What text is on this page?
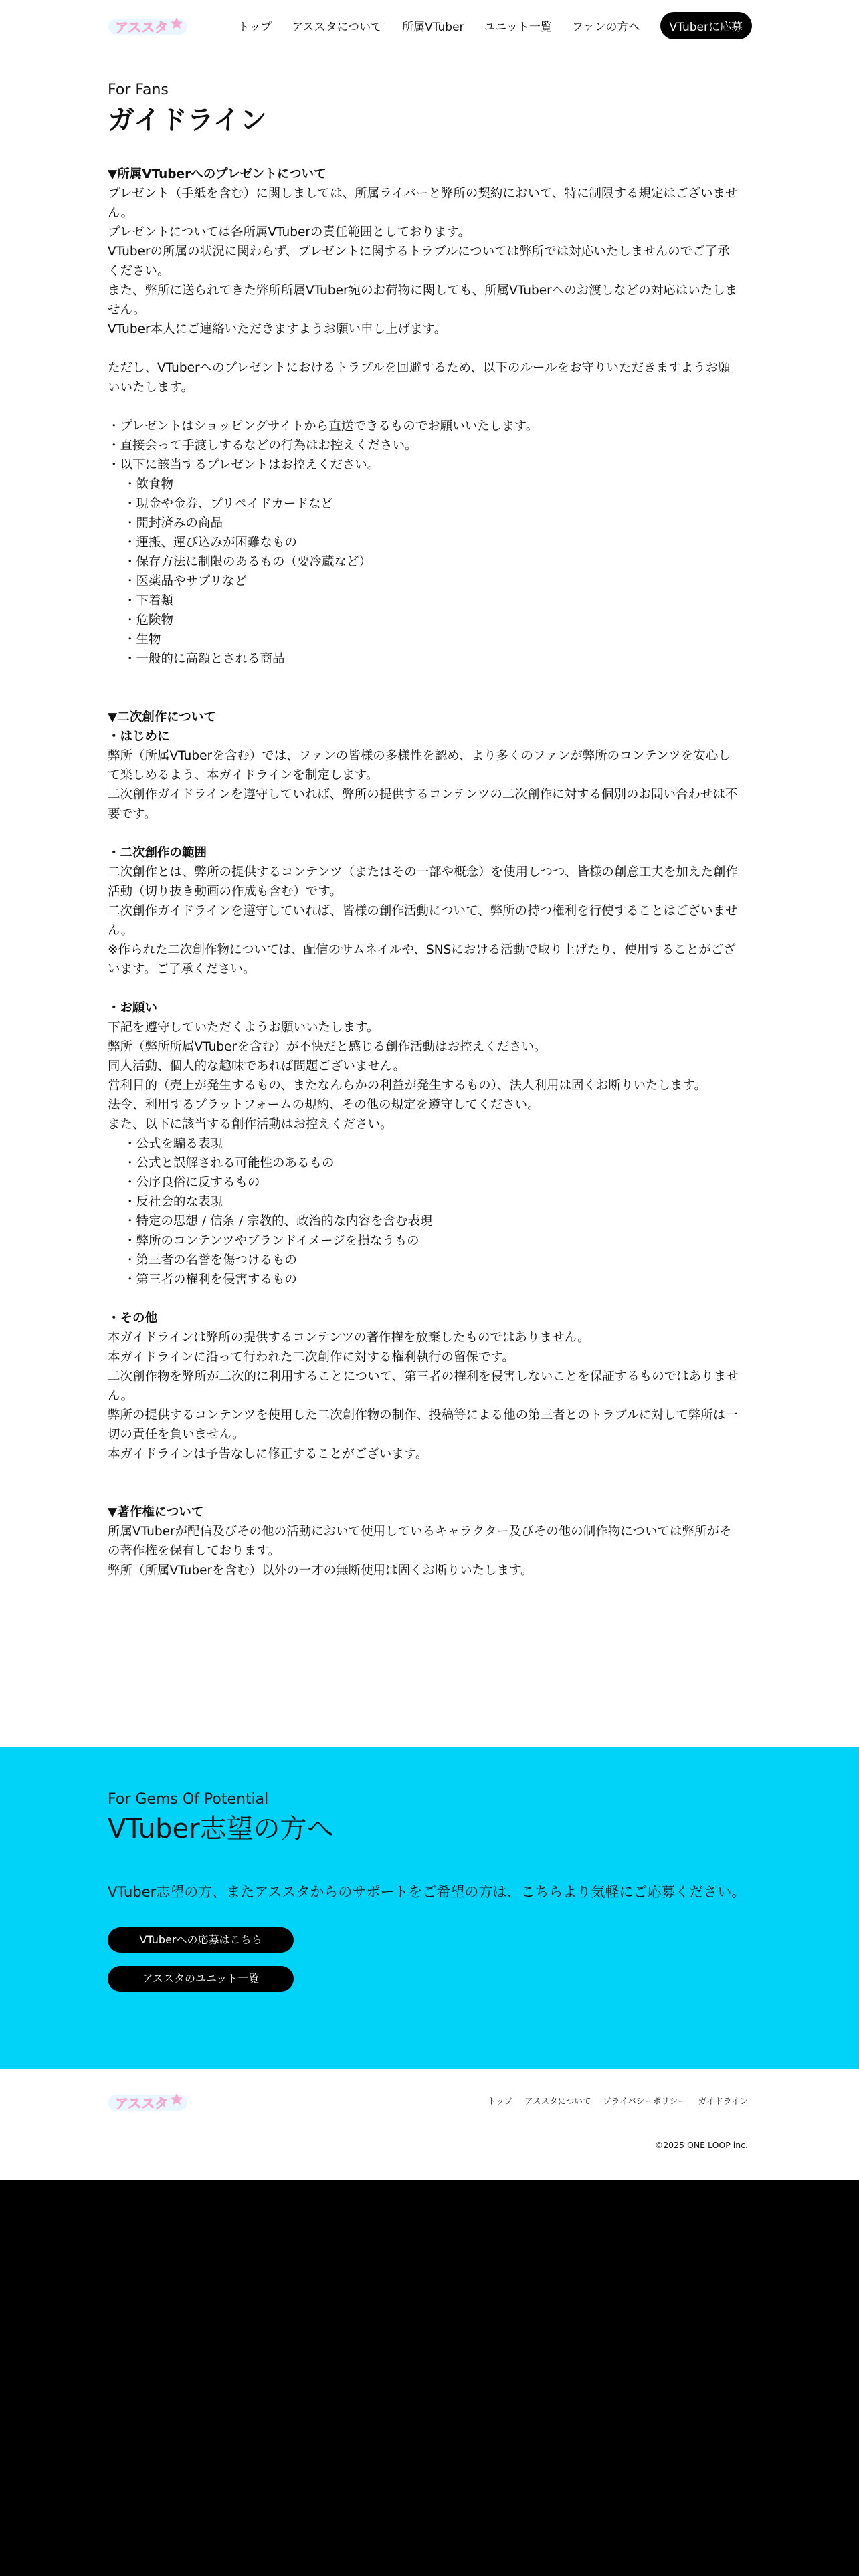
アススタ	トップ アススタについて 所属VTuber ユニット一覧 ファンの方へ	VTuberに応募
For Fans
ガイドライン

▼所属VTuberへのプレゼントについて

プレゼント（手紙を含む）に関しましては、所属ライバーと弊所の契約において、特に制限する規定はございません。

プレゼントについては各所属VTuberの責任範囲としております。

VTuberの所属の状況に関わらず、プレゼントに関するトラブルについては弊所では対応いたしませんのでご了承ください。

また、弊所に送られてきた弊所所属VTuber宛のお荷物に関しても、所属VTuberへのお渡しなどの対応はいたしません。

VTuber本人にご連絡いただきますようお願い申し上げます。

ただし、VTuberへのプレゼントにおけるトラブルを回避するため、以下のルールをお守りいただきますようお願いいたします。

・プレゼントはショッピングサイトから直送できるものでお願いいたします。

・直接会って手渡しするなどの行為はお控えください。

・以下に該当するプレゼントはお控えください。

・飲食物

・現金や金券、プリペイドカードなど

・開封済みの商品

・運搬、運び込みが困難なもの

・保存方法に制限のあるもの（要冷蔵など）

・医薬品やサプリなど

・下着類

・危険物

・生物

・一般的に高額とされる商品

▼二次創作について

・はじめに

弊所（所属VTuberを含む）では、ファンの皆様の多様性を認め、より多くのファンが弊所のコンテンツを安心して楽しめるよう、本ガイドラインを制定します。

二次創作ガイドラインを遵守していれば、弊所の提供するコンテンツの二次創作に対する個別のお問い合わせは不要です。

・二次創作の範囲

二次創作とは、弊所の提供するコンテンツ（またはその一部や概念）を使用しつつ、皆様の創意工夫を加えた創作活動（切り抜き動画の作成も含む）です。

二次創作ガイドラインを遵守していれば、皆様の創作活動について、弊所の持つ権利を行使することはございません。

※作られた二次創作物については、配信のサムネイルや、SNSにおける活動で取り上げたり、使用することがございます。ご了承ください。

・お願い

下記を遵守していただくようお願いいたします。

弊所（弊所所属VTuberを含む）が不快だと感じる創作活動はお控えください。

同人活動、個人的な趣味であれば問題ございません。

営利目的（売上が発生するもの、またなんらかの利益が発生するもの）、法人利用は固くお断りいたします。

法令、利用するプラットフォームの規約、その他の規定を遵守してください。

また、以下に該当する創作活動はお控えください。

・公式を騙る表現

・公式と誤解される可能性のあるもの

・公序良俗に反するもの

・反社会的な表現

・特定の思想 / 信条 / 宗教的、政治的な内容を含む表現

・弊所のコンテンツやブランドイメージを損なうもの

・第三者の名誉を傷つけるもの

・第三者の権利を侵害するもの

・その他

本ガイドラインは弊所の提供するコンテンツの著作権を放棄したものではありません。

本ガイドラインに沿って行われた二次創作に対する権利執行の留保です。

二次創作物を弊所が二次的に利用することについて、第三者の権利を侵害しないことを保証するものではありません。

弊所の提供するコンテンツを使用した二次創作物の制作、投稿等による他の第三者とのトラブルに対して弊所は一切の責任を負いません。

本ガイドラインは予告なしに修正することがございます。

▼著作権について

所属VTuberが配信及びその他の活動において使用しているキャラクター及びその他の制作物については弊所がその著作権を保有しております。

弊所（所属VTuberを含む）以外の一才の無断使用は固くお断りいたします。

For Gems Of Potential
VTuber志望の方へ
VTuber志望の方、またアススタからのサポートをご希望の方は、こちらより気軽にご応募ください。
VTuberへの応募はこちら
アススタのユニット一覧
アススタ	トップ アススタについて プライバシーポリシー ガイドライン
©2025 ONE LOOP inc.
